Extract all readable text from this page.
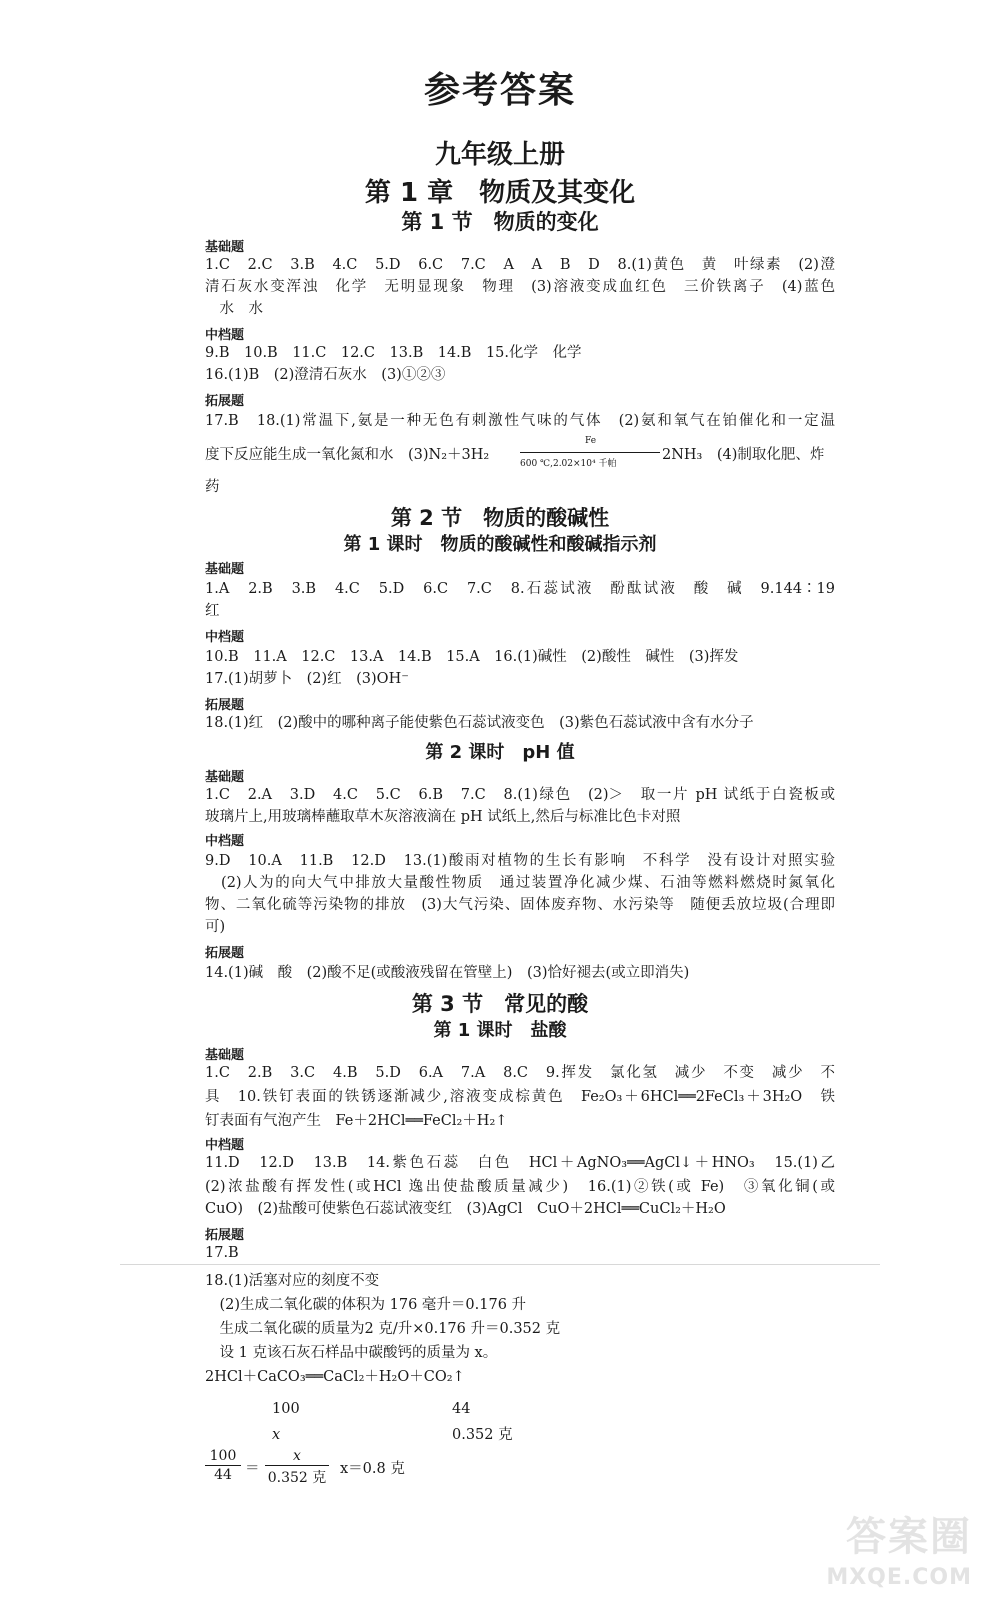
参考答案
九年级上册
第 1 章　物质及其变化
第 1 节　物质的变化
基础题
1.C　2.C　3.B　4.C　5.D　6.C　7.C　A　A　B　D　8.(1)黄色　黄　叶绿素　(2)澄
清石灰水变浑浊　化学　无明显现象　物理　(3)溶液变成血红色　三价铁离子　(4)蓝色
　水　水
中档题
9.B　10.B　11.C　12.C　13.B　14.B　15.化学　化学
16.(1)B　(2)澄清石灰水　(3)①②③
拓展题
17.B　18.(1)常温下,氨是一种无色有刺激性气味的气体　(2)氨和氧气在铂催化和一定温
度下反应能生成一氧化氮和水　(3)N₂＋3H₂
Fe
600 ℃,2.02×10⁴ 千帕
2NH₃　(4)制取化肥、炸
药
第 2 节　物质的酸碱性
第 1 课时　物质的酸碱性和酸碱指示剂
基础题
1.A　2.B　3.B　4.C　5.D　6.C　7.C　8.石蕊试液　酚酞试液　酸　碱　9.144∶19
红
中档题
10.B　11.A　12.C　13.A　14.B　15.A　16.(1)碱性　(2)酸性　碱性　(3)挥发
17.(1)胡萝卜　(2)红　(3)OH⁻
拓展题
18.(1)红　(2)酸中的哪种离子能使紫色石蕊试液变色　(3)紫色石蕊试液中含有水分子
第 2 课时　pH 值
基础题
1.C　2.A　3.D　4.C　5.C　6.B　7.C　8.(1)绿色　(2)＞　取一片 pH 试纸于白瓷板或
玻璃片上,用玻璃棒蘸取草木灰溶液滴在 pH 试纸上,然后与标准比色卡对照
中档题
9.D　10.A　11.B　12.D　13.(1)酸雨对植物的生长有影响　不科学　没有设计对照实验
　(2)人为的向大气中排放大量酸性物质　通过装置净化减少煤、石油等燃料燃烧时氮氧化
物、二氧化硫等污染物的排放　(3)大气污染、固体废弃物、水污染等　随便丢放垃圾(合理即
可)
拓展题
14.(1)碱　酸　(2)酸不足(或酸液残留在管壁上)　(3)恰好褪去(或立即消失)
第 3 节　常见的酸
第 1 课时　盐酸
基础题
1.C　2.B　3.C　4.B　5.D　6.A　7.A　8.C　9.挥发　氯化氢　减少　不变　减少　不
具　10.铁钉表面的铁锈逐渐减少,溶液变成棕黄色　Fe₂O₃＋6HCl══2FeCl₃＋3H₂O　铁
钉表面有气泡产生　Fe＋2HCl══FeCl₂＋H₂↑
中档题
11.D　12.D　13.B　14.紫色石蕊　白色　HCl＋AgNO₃══AgCl↓＋HNO₃　15.(1)乙
(2)浓盐酸有挥发性(或HCl 逸出使盐酸质量减少)　16.(1)②铁(或 Fe)　③氧化铜(或
CuO)　(2)盐酸可使紫色石蕊试液变红　(3)AgCl　CuO＋2HCl══CuCl₂＋H₂O
拓展题
17.B
18.(1)活塞对应的刻度不变
　(2)生成二氧化碳的体积为 176 毫升＝0.176 升
　生成二氧化碳的质量为2 克/升×0.176 升＝0.352 克
　设 1 克该石灰石样品中碳酸钙的质量为 x。
2HCl＋CaCO₃══CaCl₂＋H₂O＋CO₂↑
100	44
x	0.352 克
100
44 ＝
x
0.352 克
x＝0.8 克
答案圈
MXQE.COM
